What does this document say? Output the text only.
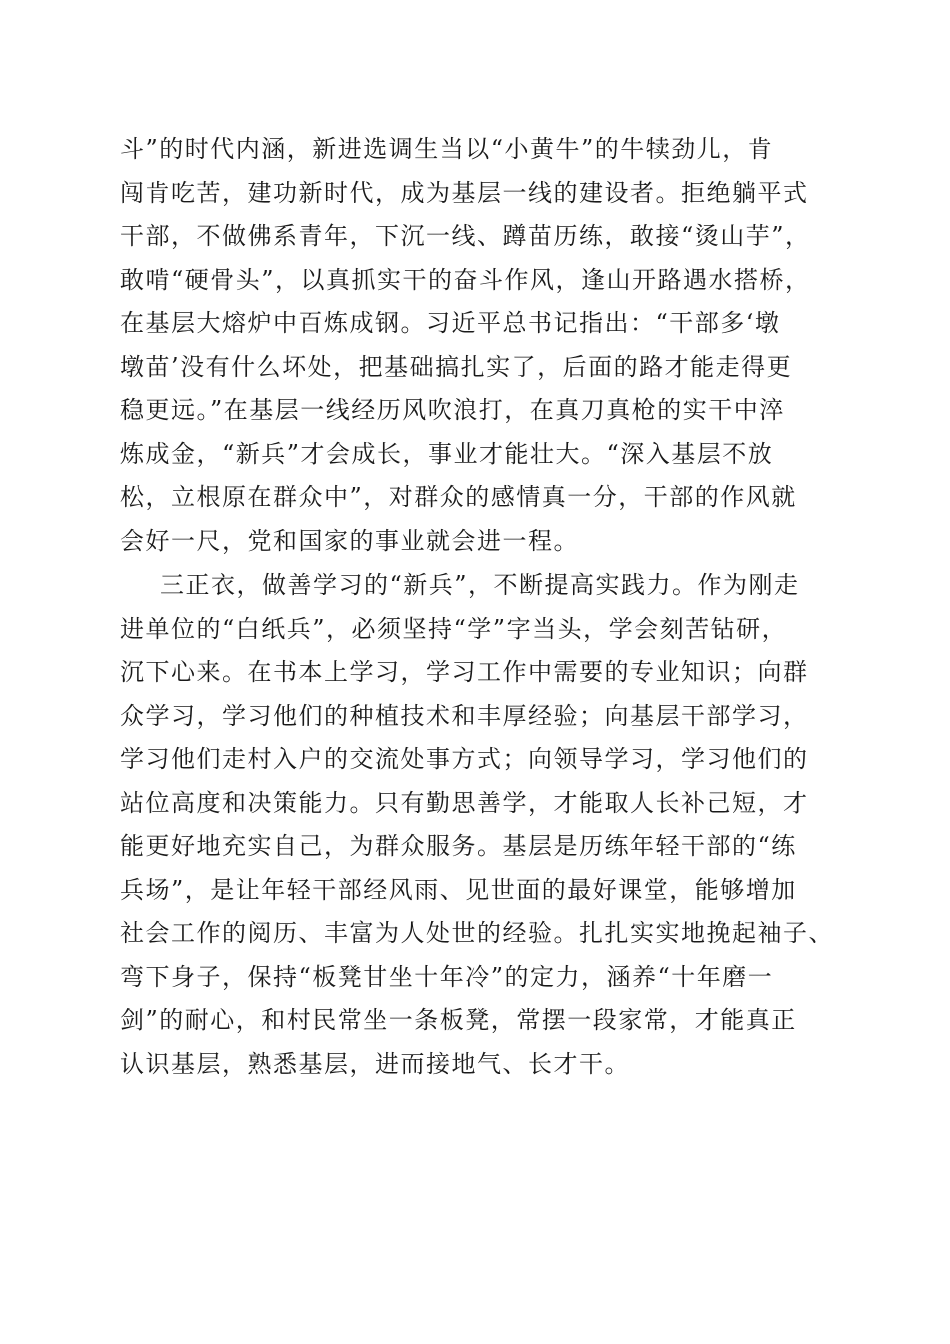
斗”的时代内涵，新进选调生当以“小黄牛”的牛犊劲儿，肯
闯肯吃苦，建功新时代，成为基层一线的建设者。拒绝躺平式
干部，不做佛系青年，下沉一线、蹲苗历练，敢接“烫山芋”，
敢啃“硬骨头”，以真抓实干的奋斗作风，逢山开路遇水搭桥，
在基层大熔炉中百炼成钢。习近平总书记指出：“干部多‘墩
墩苗’没有什么坏处，把基础搞扎实了，后面的路才能走得更
稳更远。”在基层一线经历风吹浪打，在真刀真枪的实干中淬
炼成金，“新兵”才会成长，事业才能壮大。“深入基层不放
松，立根原在群众中”，对群众的感情真一分，干部的作风就
会好一尺，党和国家的事业就会进一程。
三正衣，做善学习的“新兵”，不断提高实践力。作为刚走
进单位的“白纸兵”，必须坚持“学”字当头，学会刻苦钻研，
沉下心来。在书本上学习，学习工作中需要的专业知识；向群
众学习，学习他们的种植技术和丰厚经验；向基层干部学习，
学习他们走村入户的交流处事方式；向领导学习，学习他们的
站位高度和决策能力。只有勤思善学，才能取人长补己短，才
能更好地充实自己，为群众服务。基层是历练年轻干部的“练
兵场”，是让年轻干部经风雨、见世面的最好课堂，能够增加
社会工作的阅历、丰富为人处世的经验。扎扎实实地挽起袖子、
弯下身子，保持“板凳甘坐十年冷”的定力，涵养“十年磨一
剑”的耐心，和村民常坐一条板凳，常摆一段家常，才能真正
认识基层，熟悉基层，进而接地气、长才干。
